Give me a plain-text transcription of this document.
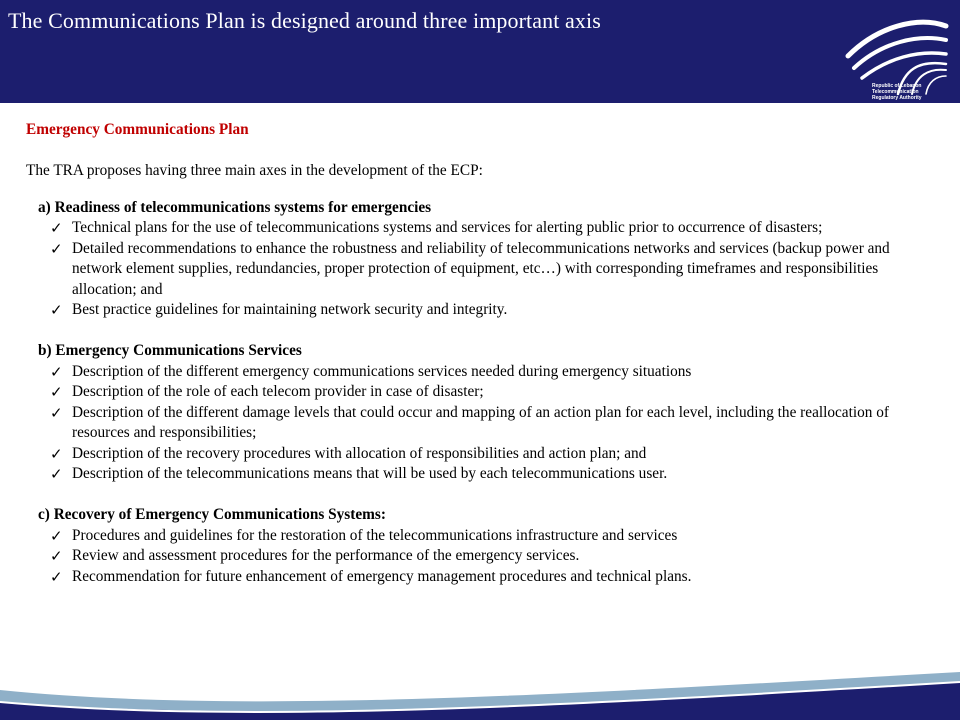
The Communications Plan is designed around three important axis
Republic of Lebanon
Telecommunication
Regulatory Authority
Emergency Communications Plan
The TRA proposes having three main axes in the development of the ECP:
a) Readiness of telecommunications systems for emergencies
✓ Technical plans for the use of telecommunications systems and services for alerting public prior to occurrence of disasters;
✓ Detailed recommendations to enhance the robustness and reliability of telecommunications networks and services (backup power and network element supplies, redundancies, proper protection of equipment, etc…) with corresponding timeframes and responsibilities allocation; and
✓ Best practice guidelines for maintaining network security and integrity.
b) Emergency Communications Services
✓ Description of the different emergency communications services needed during emergency situations
✓ Description of the role of each telecom provider in case of disaster;
✓ Description of the different damage levels that could occur and mapping of an action plan for each level, including the reallocation of resources and responsibilities;
✓ Description of the recovery procedures with allocation of responsibilities and action plan; and
✓ Description of the telecommunications means that will be used by each telecommunications user.
c) Recovery of Emergency Communications Systems:
✓ Procedures and guidelines for the restoration of the telecommunications infrastructure and services
✓ Review and assessment procedures for the performance of the emergency services.
✓ Recommendation for future enhancement of emergency management procedures and technical plans.
